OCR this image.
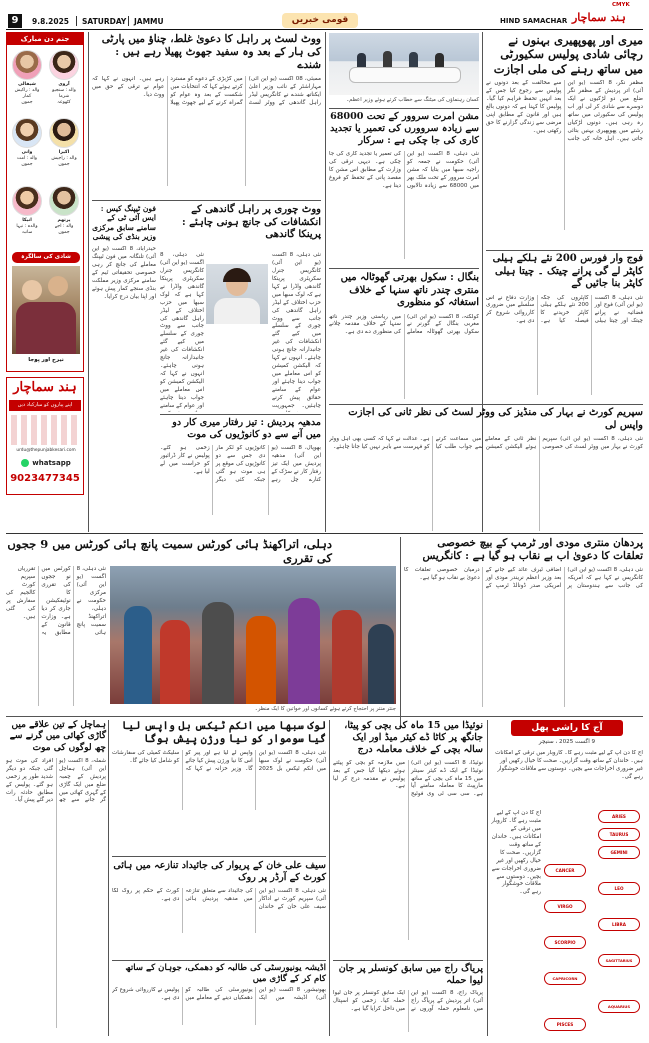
9	9.8.2025 SATURDAY JAMMU	قومی خبریں
CMYK
HIND SAMACHAR ہند سماچار
جنم دن مبارک
شیفالی
والد : راکیش کمار
جموں
آروی
والد : سنجیو شرما
کٹھوعہ
وانی
والد : امت
جموں
اکیرا
والد : راجیش
جموں
انیکا
والدہ : نیہا
سانبہ
پرتھم
والد : اجے
جموں
شادی کی سالگرہ
نیرج اور پوجا
ہند سماچار
اپنے پیاروں کو مبارکباد دیں
urdu@thepunjabkesari.com
whatsapp
9023477345
میری اور پھوپھیری بہنوں نے رچائی شادی پولیس سکیورٹی میں ساتھ رہنے کی ملی اجازت
مظفر نگر، 8 اگست (یو این آئی) اتر پردیش کے مظفر نگر ضلع میں دو لڑکیوں نے ایک دوسرے سے شادی کر لی اور اب پولیس کی سکیورٹی میں ساتھ رہ رہی ہیں۔ دونوں لڑکیاں رشتے میں پھوپھیری بہنیں بتائی جاتی ہیں۔ اہل خانہ کی جانب سے مخالفت کے بعد دونوں نے پولیس سے رجوع کیا جس کے بعد انہیں تحفظ فراہم کیا گیا۔ پولیس کا کہنا ہے کہ دونوں بالغ ہیں اور قانون کے مطابق اپنی مرضی سے زندگی گزارنے کا حق رکھتی ہیں۔
فوج وار فورس 200 نئے ہلکے ہیلی کاپٹر لے گی پرانے چیتک ۔ چیتا ہیلی کاپٹر بنا جائیں گے
نئی دہلی، 8 اگست (یو این آئی) فوج اور فضائیہ نے پرانے چیتک اور چیتا ہیلی کاپٹروں کی جگہ 200 نئے ہلکے ہیلی کاپٹر خریدنے کا فیصلہ کیا ہے۔ وزارت دفاع نے اس سلسلے میں ضروری کارروائی شروع کر دی ہے۔
کسان رہنماؤں کی میٹنگ سے خطاب کرتے ہوئے وزیر اعظم۔
مشن امرت سروور کے تحت 68000 سے زیادہ سروورں کی تعمیر یا تجدید کاری کی جا چکی ہے : سرکار
نئی دہلی، 8 اگست (یو این آئی) حکومت نے جمعہ کو راجیہ سبھا میں بتایا کہ مشن امرت سروور کے تحت ملک بھر میں 68000 سے زیادہ تالابوں کی تعمیر یا تجدید کاری کی جا چکی ہے۔ دیہی ترقی کی وزارت کے مطابق اس مشن کا مقصد پانی کے تحفظ کو فروغ دینا ہے۔
بنگال : سکول بھرتی گھوٹالہ میں منتری چندر ناتھ سنہا کے خلاف استغاثہ کو منظوری
کولکتہ، 8 اگست (یو این آئی) مغربی بنگال کے گورنر نے سکول بھرتی گھوٹالہ معاملے میں ریاستی وزیر چندر ناتھ سنہا کے خلاف مقدمہ چلانے کی منظوری دے دی ہے۔
سپریم کورٹ نے بہار کی منڈیز کی ووٹر لسٹ کی نظر ثانی کی اجازت واپس لی
نئی دہلی، 8 اگست (یو این آئی) سپریم کورٹ نے بہار میں ووٹر لسٹ کی خصوصی نظر ثانی کے معاملے میں سماعت کرتے ہوئے الیکشن کمیشن سے جواب طلب کیا ہے۔ عدالت نے کہا کہ کسی بھی اہل ووٹر کو فہرست سے باہر نہیں کیا جانا چاہئے۔
ووٹ لسٹ پر راہل کا دعویٰ غلط، چناؤ میں پارٹی کی ہار کے بعد وہ سفید جھوٹ پھیلا رہے ہیں : شندے
ممبئی، 08 اگست (یو این آئی) مہاراشٹر کے نائب وزیر اعلیٰ ایکناتھ شندے نے کانگریس لیڈر راہل گاندھی کے ووٹر لسٹ میں گڑبڑی کے دعوے کو مسترد کرتے ہوئے کہا کہ انتخابات میں شکست کے بعد وہ عوام کو گمراہ کرنے کے لیے جھوٹ پھیلا رہے ہیں۔ انہوں نے کہا کہ عوام نے ترقی کے حق میں ووٹ دیا۔
ووٹ چوری پر راہل گاندھی کے انکشافات کی جانچ ہونی چاہئے : پرینکا گاندھی
نئی دہلی، 8 اگست (یو این آئی) کانگریس جنرل سکریٹری پرینکا گاندھی واڈرا نے کہا ہے کہ لوک سبھا میں حزب اختلاف کے لیڈر راہل گاندھی کی جانب سے ووٹ چوری کے سلسلے میں کیے گئے انکشافات کی غیر جانبدارانہ جانچ ہونی چاہئے۔ انہوں نے کہا کہ الیکشن کمیشن کو اس معاملے میں جواب دینا چاہئے اور عوام کے سامنے حقائق پیش کرنے چاہئیں۔ جمہوریت
نئی دہلی، 8 اگست (یو این آئی) کانگریس جنرل سکریٹری پرینکا گاندھی واڈرا نے کہا ہے کہ لوک سبھا میں حزب اختلاف کے لیڈر راہل گاندھی کی جانب سے ووٹ چوری کے سلسلے میں کیے گئے انکشافات کی غیر جانبدارانہ جانچ ہونی چاہئے۔ انہوں نے کہا کہ الیکشن کمیشن کو اس معاملے میں جواب دینا چاہئے اور عوام کے سامنے
فون ٹیپنگ کیس : ایس آئی ٹی کے سامنے سابق مرکزی وزیر بنڈی کی پیشی
حیدرآباد، 8 اگست (یو این آئی) تلنگانہ میں فون ٹیپنگ معاملے کی جانچ کر رہی خصوصی تحقیقاتی ٹیم کے سامنے مرکزی وزیر مملکت بنڈی سنجے کمار پیش ہوئے اور اپنا بیان درج کرایا۔
مدھیہ پردیش : تیز رفتار میری کار دو میں آنے سے دو کانوڑیوں کی موت
بھوپال، 8 اگست (یو این آئی) مدھیہ پردیش میں ایک تیز رفتار کار نے سڑک کے کنارے چل رہے کانوڑیوں کو ٹکر مار دی جس سے دو کانوڑیوں کی موقع پر ہی موت ہو گئی جبکہ کئی دیگر زخمی ہو گئے۔ پولیس نے کار ڈرائیور کو حراست میں لے لیا ہے۔
دہلی، اتراکھنڈ ہائی کورٹس سمیت پانچ ہائی کورٹس میں 9 ججوں کی تقرری
نئی دہلی، 8 اگست (یو این آئی) مرکزی حکومت نے دہلی، اتراکھنڈ سمیت پانچ ہائی کورٹس میں نو ججوں کی تقرری کا نوٹیفکیشن جاری کر دیا ہے۔ وزارت قانون کے مطابق یہ تقرریاں سپریم کورٹ کالجیم کی سفارش پر کی گئی ہیں۔
جنتر منتر پر احتجاج کرتے ہوئے کسانوں اور خواتین کا ایک منظر۔
پردھان منتری مودی اور ٹرمپ کے بیچ خصوصی تعلقات کا دعویٰ اب بے نقاب ہو گیا ہے : کانگریس
نئی دہلی، 8 اگست (یو این آئی) کانگریس نے کہا ہے کہ امریکہ کی جانب سے ہندوستان پر اضافی ٹیرف عائد کیے جانے کے بعد وزیر اعظم نریندر مودی اور امریکی صدر ڈونالڈ ٹرمپ کے درمیان خصوصی تعلقات کا دعویٰ بے نقاب ہو گیا ہے۔
ہماچل کے تین علاقے میں گاڑی کھائی میں گرنے سے چھ لوگوں کی موت
شملہ، 8 اگست (یو این آئی) ہماچل پردیش کے چمبہ ضلع میں ایک گاڑی کے گہری کھائی میں گر جانے سے چھ افراد کی موت ہو گئی جبکہ دو دیگر شدید طور پر زخمی ہو گئے۔ پولیس کے مطابق حادثہ رات دیر گئے پیش آیا۔
لوک سبھا میں انکم ٹیکس بل واپس لیا گیا سوموار کو نیا ورژن پیش ہوگا
نئی دہلی، 8 اگست (یو این آئی) حکومت نے لوک سبھا میں انکم ٹیکس بل 2025 واپس لے لیا ہے اور پیر کو اس کا نیا ورژن پیش کیا جائے گا۔ وزیر خزانہ نے کہا کہ سلیکٹ کمیٹی کی سفارشات کو شامل کیا جائے گا۔
سیف علی خان کے پریوار کی جائیداد تنازعہ میں ہائی کورٹ کے آرڈر پر روک
نئی دہلی، 8 اگست (یو این آئی) سپریم کورٹ نے اداکار سیف علی خان کے خاندان کی جائیداد سے متعلق تنازعہ میں مدھیہ پردیش ہائی کورٹ کے حکم پر روک لگا دی ہے۔
اڈیشہ یونیورسٹی کی طالبہ کو دھمکی، جوہان کے ساتھ کام کر کے گاڑی میں
بھونیشور، 8 اگست (یو این آئی) اڈیشہ میں ایک یونیورسٹی کی طالبہ کو دھمکیاں دینے کے معاملے میں پولیس نے کارروائی شروع کر دی ہے۔
نوئیڈا میں 15 ماہ کی بچی کو پیٹا، جانگھ پر کاٹا ڈے کیئر میڈ اور ایک سالہ بچی کے خلاف معاملہ درج
نوئیڈا، 8 اگست (یو این آئی) نوئیڈا کے ایک ڈے کیئر سینٹر میں 15 ماہ کی بچی کے ساتھ مارپیٹ کا معاملہ سامنے آیا ہے۔ سی سی ٹی وی فوٹیج میں ملازمہ کو بچی کو پیٹتے ہوئے دیکھا گیا جس کے بعد پولیس نے مقدمہ درج کر لیا ہے۔
پریاگ راج میں سابق کونسلر پر جان لیوا حملہ
پریاگ راج، 8 اگست (یو این آئی) اتر پردیش کے پریاگ راج میں نامعلوم حملہ آوروں نے ایک سابق کونسلر پر جان لیوا حملہ کیا۔ زخمی کو اسپتال میں داخل کرایا گیا ہے۔
آج کا راشی پھل
9 اگست 2025 ، سنیچر
آج کا دن آپ کے لیے مثبت رہے گا۔ کاروبار میں ترقی کے امکانات ہیں۔ خاندان کے ساتھ وقت گزاریں۔ صحت کا خیال رکھیں اور غیر ضروری اخراجات سے بچیں۔ دوستوں سے ملاقات خوشگوار رہے گی۔
ARIES
TAURUS
GEMINI
CANCER
LEO
VIRGO
LIBRA
SCORPIO
SAGITTARIUS
CAPRICORN
AQUARIUS
PISCES
آج کا دن آپ کے لیے مثبت رہے گا۔ کاروبار میں ترقی کے امکانات ہیں۔ خاندان کے ساتھ وقت گزاریں۔ صحت کا خیال رکھیں اور غیر ضروری اخراجات سے بچیں۔ دوستوں سے ملاقات خوشگوار رہے گی۔
